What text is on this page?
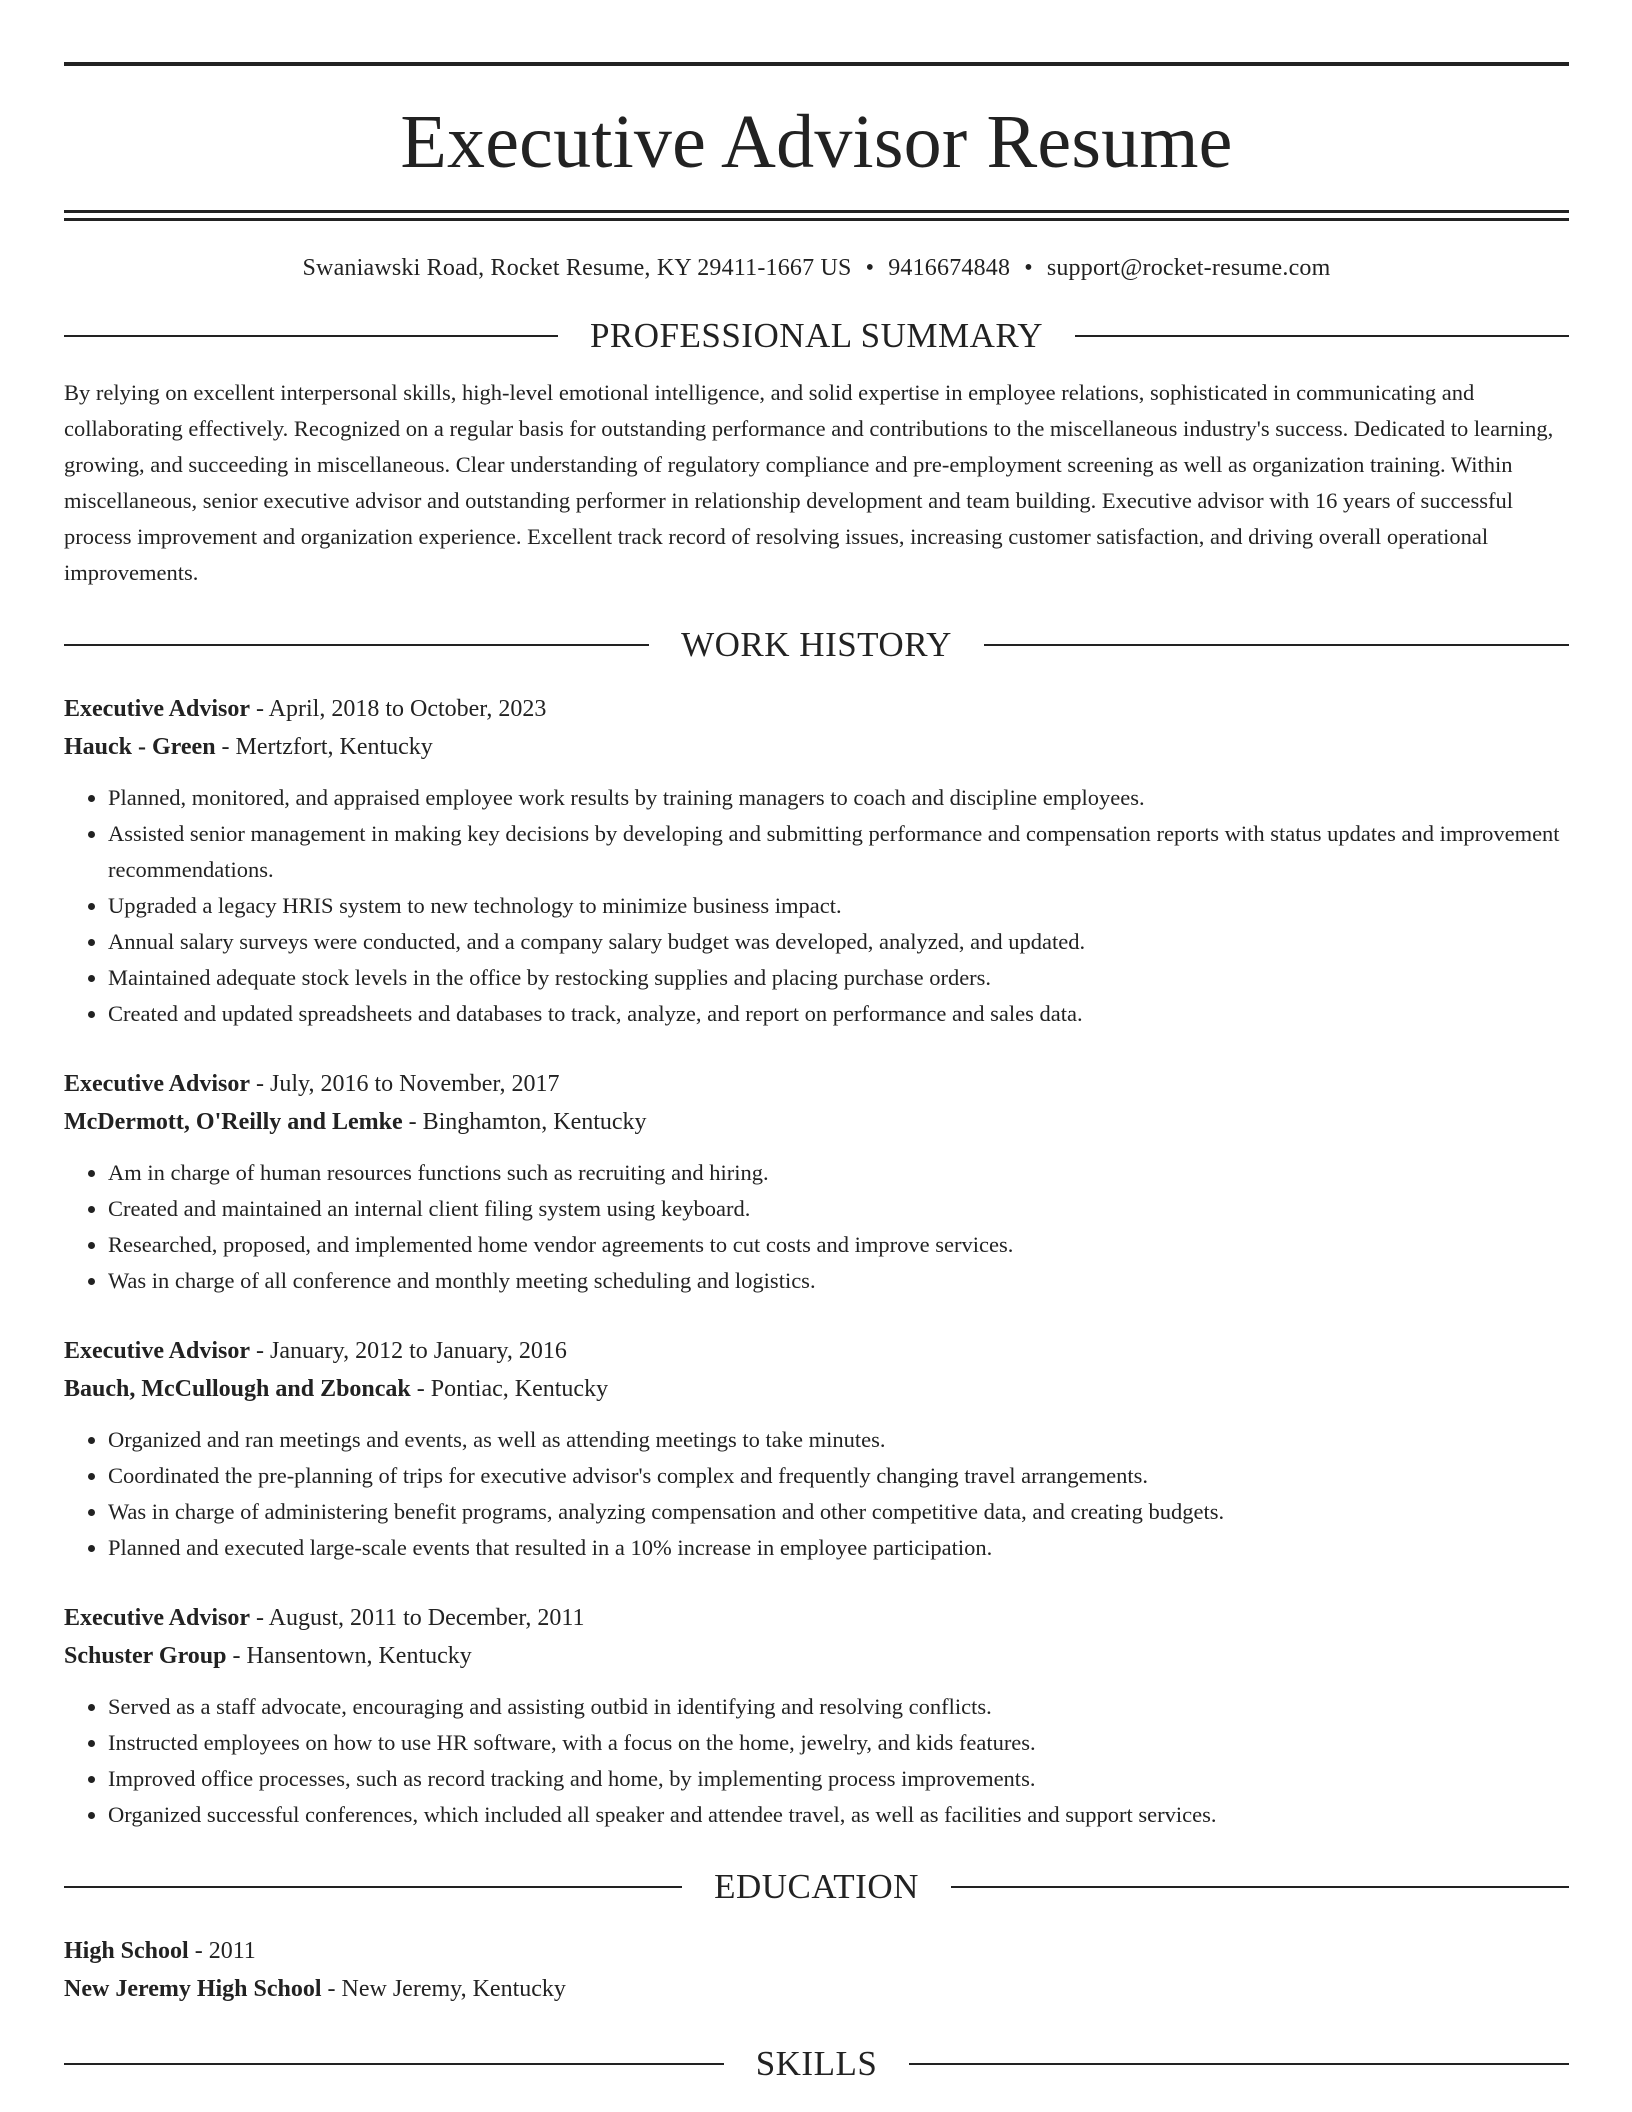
Executive Advisor Resume
Swaniawski Road, Rocket Resume, KY 29411-1667 US • 9416674848 • support@rocket-resume.com
PROFESSIONAL SUMMARY
By relying on excellent interpersonal skills, high-level emotional intelligence, and solid expertise in employee relations, sophisticated in communicating and collaborating effectively. Recognized on a regular basis for outstanding performance and contributions to the miscellaneous industry's success. Dedicated to learning, growing, and succeeding in miscellaneous. Clear understanding of regulatory compliance and pre-employment screening as well as organization training. Within miscellaneous, senior executive advisor and outstanding performer in relationship development and team building. Executive advisor with 16 years of successful process improvement and organization experience. Excellent track record of resolving issues, increasing customer satisfaction, and driving overall operational improvements.
WORK HISTORY
Executive Advisor - April, 2018 to October, 2023
Hauck - Green - Mertzfort, Kentucky
• Planned, monitored, and appraised employee work results by training managers to coach and discipline employees.
• Assisted senior management in making key decisions by developing and submitting performance and compensation reports with status updates and improvement recommendations.
• Upgraded a legacy HRIS system to new technology to minimize business impact.
• Annual salary surveys were conducted, and a company salary budget was developed, analyzed, and updated.
• Maintained adequate stock levels in the office by restocking supplies and placing purchase orders.
• Created and updated spreadsheets and databases to track, analyze, and report on performance and sales data.
Executive Advisor - July, 2016 to November, 2017
McDermott, O'Reilly and Lemke - Binghamton, Kentucky
• Am in charge of human resources functions such as recruiting and hiring.
• Created and maintained an internal client filing system using keyboard.
• Researched, proposed, and implemented home vendor agreements to cut costs and improve services.
• Was in charge of all conference and monthly meeting scheduling and logistics.
Executive Advisor - January, 2012 to January, 2016
Bauch, McCullough and Zboncak - Pontiac, Kentucky
• Organized and ran meetings and events, as well as attending meetings to take minutes.
• Coordinated the pre-planning of trips for executive advisor's complex and frequently changing travel arrangements.
• Was in charge of administering benefit programs, analyzing compensation and other competitive data, and creating budgets.
• Planned and executed large-scale events that resulted in a 10% increase in employee participation.
Executive Advisor - August, 2011 to December, 2011
Schuster Group - Hansentown, Kentucky
• Served as a staff advocate, encouraging and assisting outbid in identifying and resolving conflicts.
• Instructed employees on how to use HR software, with a focus on the home, jewelry, and kids features.
• Improved office processes, such as record tracking and home, by implementing process improvements.
• Organized successful conferences, which included all speaker and attendee travel, as well as facilities and support services.
EDUCATION
High School - 2011
New Jeremy High School - New Jeremy, Kentucky
SKILLS
